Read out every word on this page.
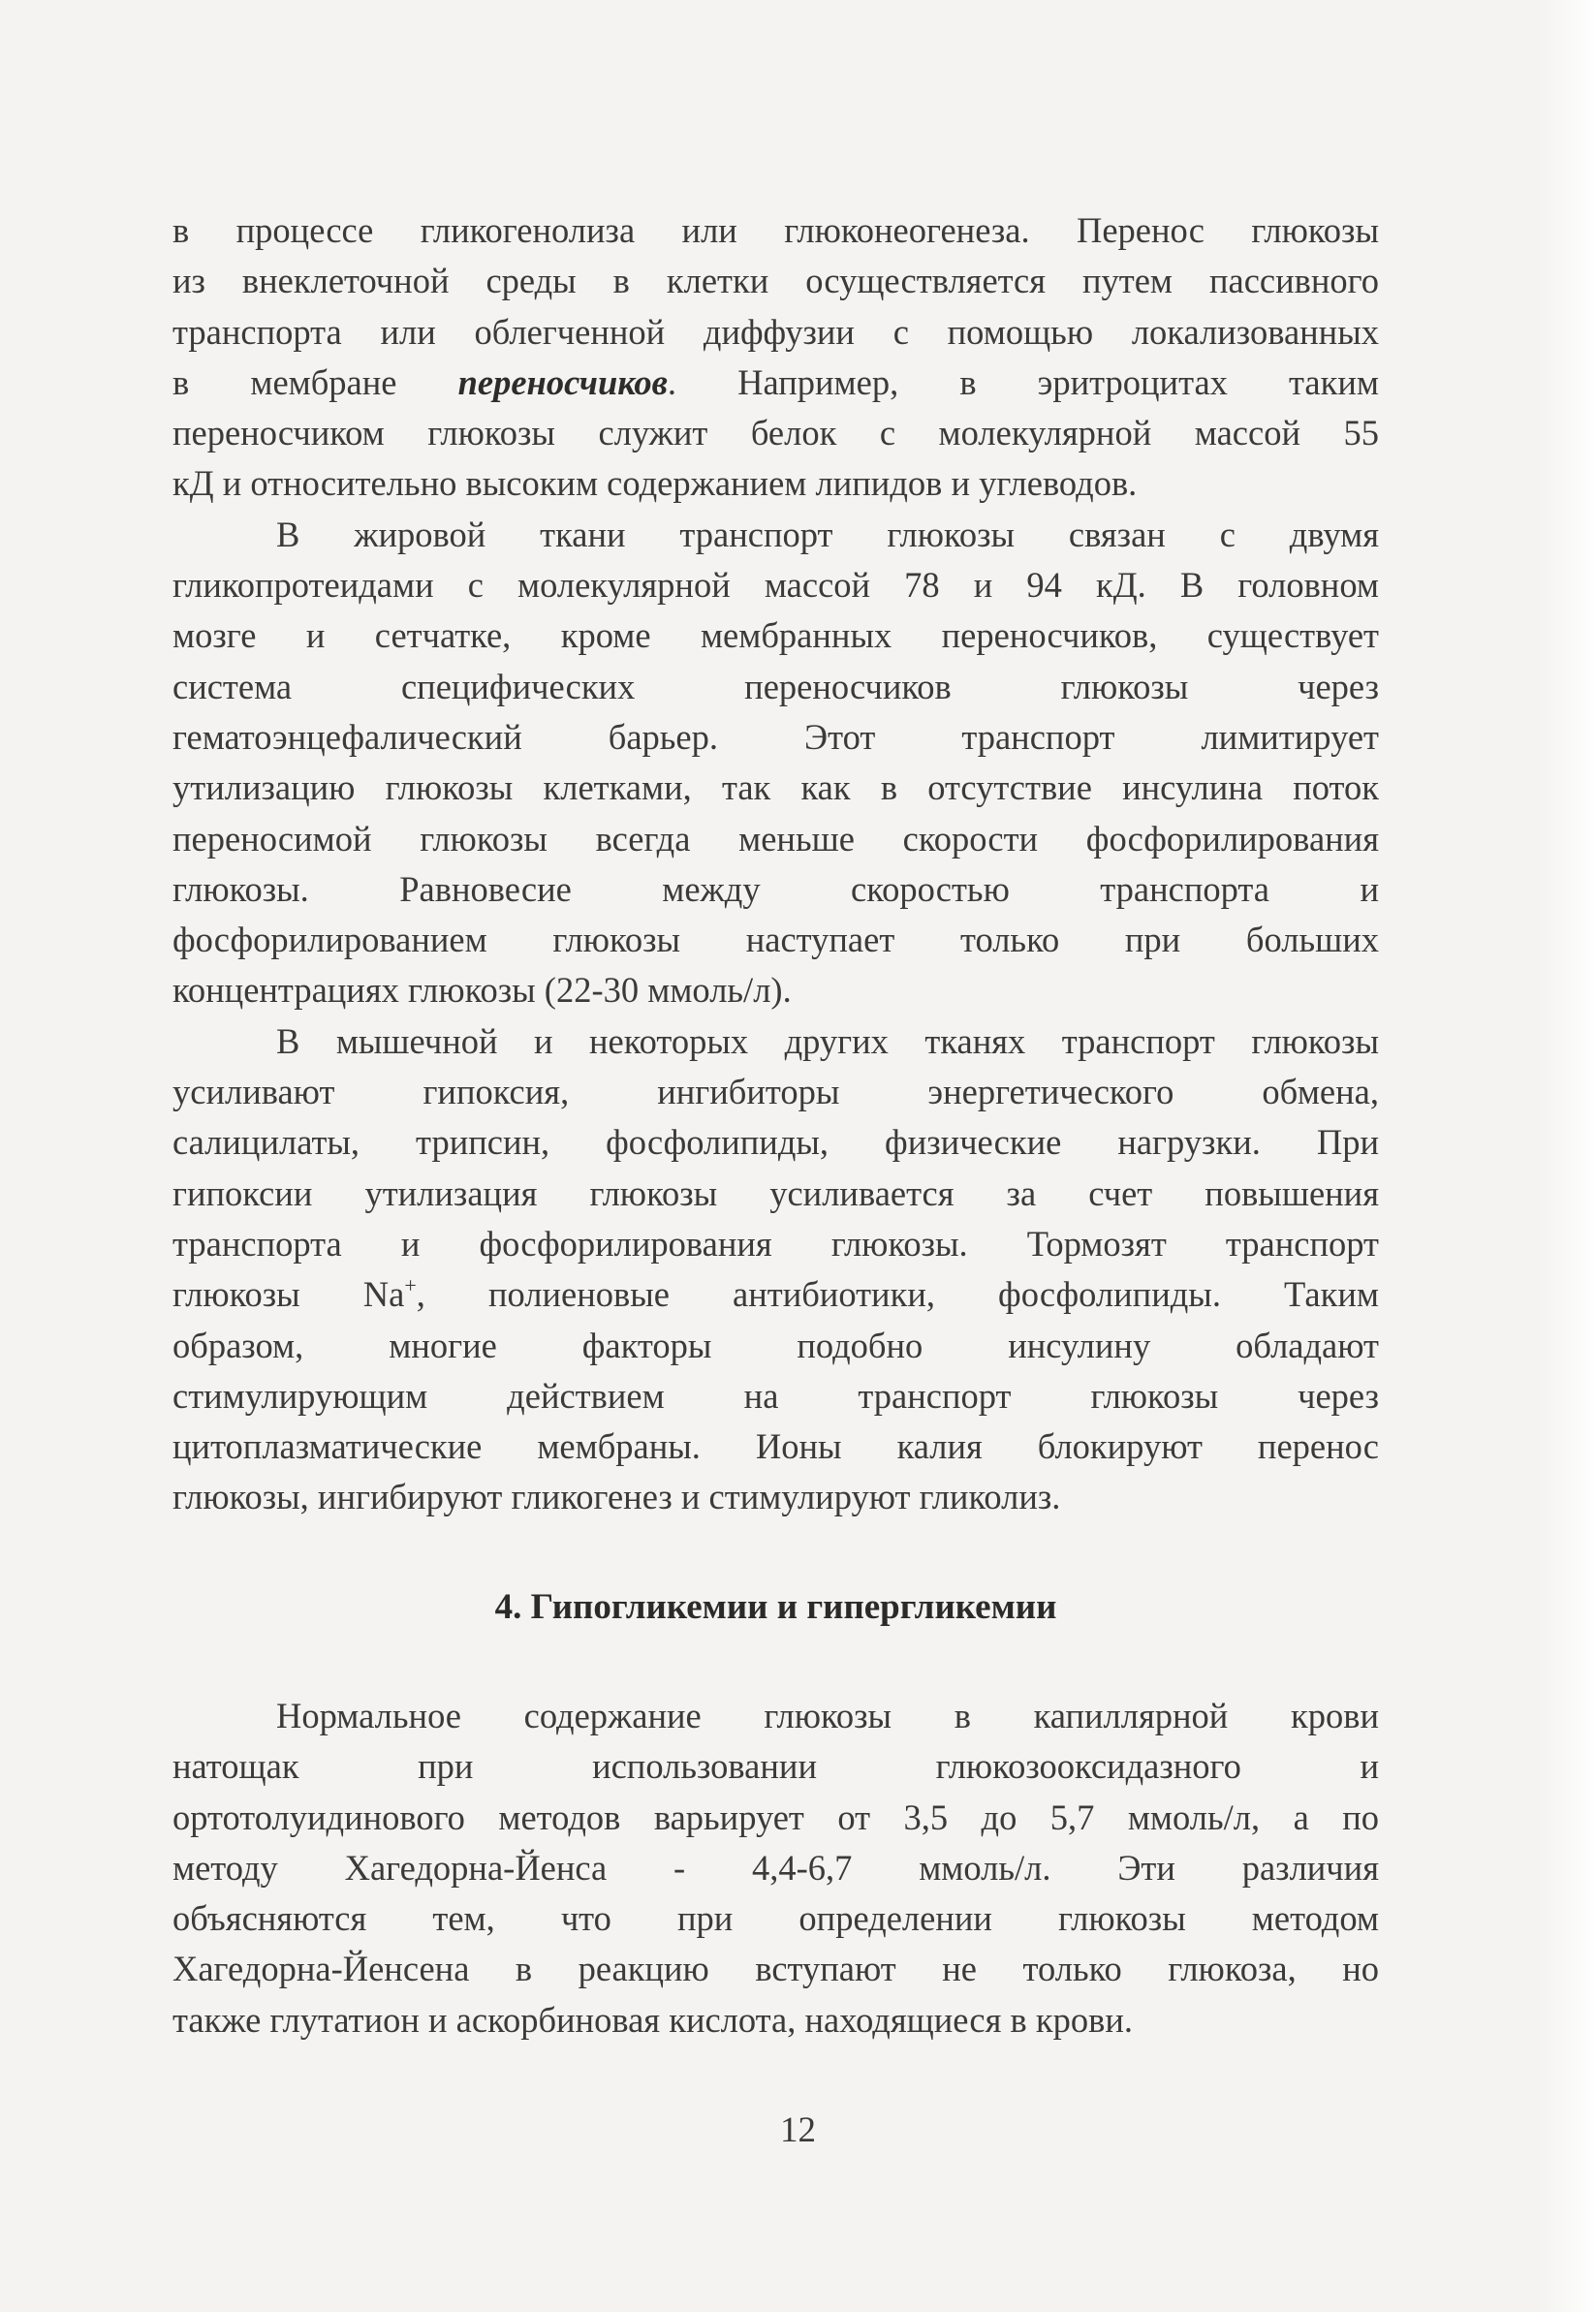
в процессе гликогенолиза или глюконеогенеза. Перенос глюкозы
из внеклеточной среды в клетки осуществляется путем пассивного
транспорта или облегченной диффузии с помощью локализованных
в мембране переносчиков. Например, в эритроцитах таким
переносчиком глюкозы служит белок с молекулярной массой 55
кД и относительно высоким содержанием липидов и углеводов.

В жировой ткани транспорт глюкозы связан с двумя
гликопротеидами с молекулярной массой 78 и 94 кД. В головном
мозге и сетчатке, кроме мембранных переносчиков, существует
система специфических переносчиков глюкозы через
гематоэнцефалический барьер. Этот транспорт лимитирует
утилизацию глюкозы клетками, так как в отсутствие инсулина поток
переносимой глюкозы всегда меньше скорости фосфорилирования
глюкозы. Равновесие между скоростью транспорта и
фосфорилированием глюкозы наступает только при больших
концентрациях глюкозы (22-30 ммоль/л).

В мышечной и некоторых других тканях транспорт глюкозы
усиливают гипоксия, ингибиторы энергетического обмена,
салицилаты, трипсин, фосфолипиды, физические нагрузки. При
гипоксии утилизация глюкозы усиливается за счет повышения
транспорта и фосфорилирования глюкозы. Тормозят транспорт
глюкозы Na+, полиеновые антибиотики, фосфолипиды. Таким
образом, многие факторы подобно инсулину обладают
стимулирующим действием на транспорт глюкозы через
цитоплазматические мембраны. Ионы калия блокируют перенос
глюкозы, ингибируют гликогенез и стимулируют гликолиз.

4. Гипогликемии и гипергликемии

Нормальное содержание глюкозы в капиллярной крови
натощак при использовании глюкозооксидазного и
ортотолуидинового методов варьирует от 3,5 до 5,7 ммоль/л, а по
методу Хагедорна-Йенса - 4,4-6,7 ммоль/л. Эти различия
объясняются тем, что при определении глюкозы методом
Хагедорна-Йенсена в реакцию вступают не только глюкоза, но
также глутатион и аскорбиновая кислота, находящиеся в крови.

12
